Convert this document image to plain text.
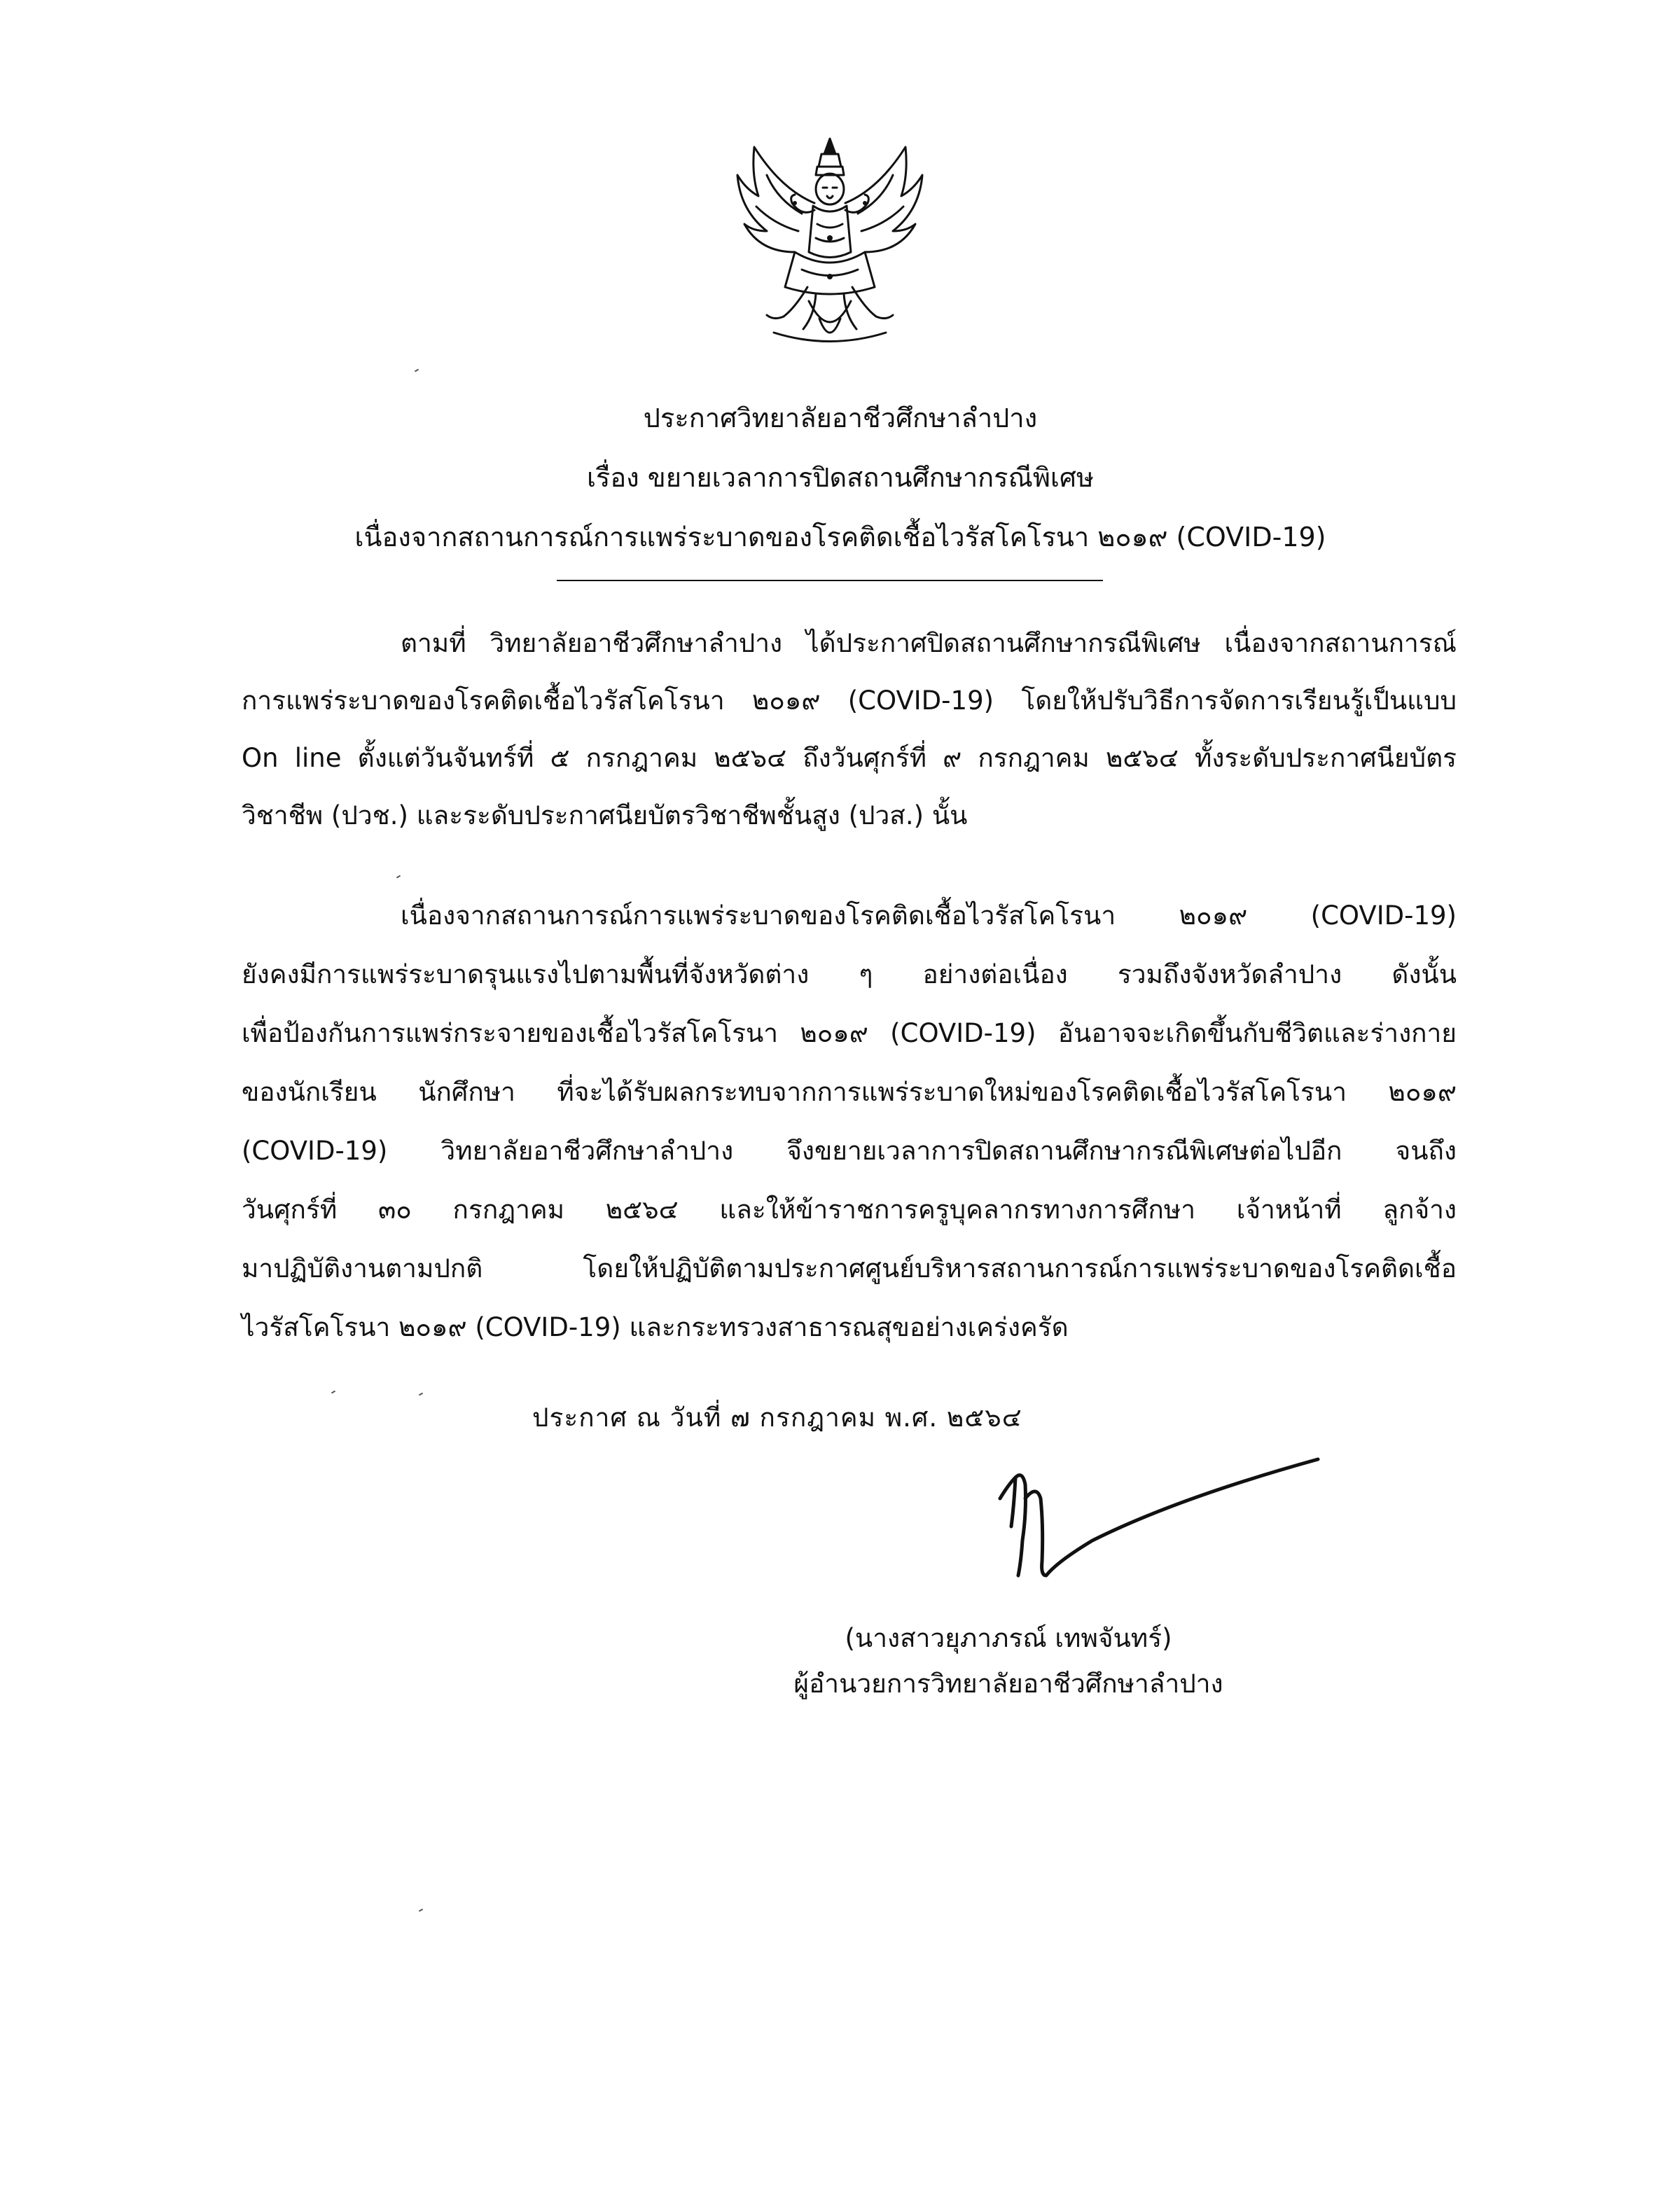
ประกาศวิทยาลัยอาชีวศึกษาลำปาง
เรื่อง ขยายเวลาการปิดสถานศึกษากรณีพิเศษ
เนื่องจากสถานการณ์การแพร่ระบาดของโรคติดเชื้อไวรัสโคโรนา ๒๐๑๙ (COVID-19)
ตามที่ วิทยาลัยอาชีวศึกษาลำปาง ได้ประกาศปิดสถานศึกษากรณีพิเศษ เนื่องจากสถานการณ์
การแพร่ระบาดของโรคติดเชื้อไวรัสโคโรนา ๒๐๑๙ (COVID-19) โดยให้ปรับวิธีการจัดการเรียนรู้เป็นแบบ
On line ตั้งแต่วันจันทร์ที่ ๕ กรกฎาคม ๒๕๖๔ ถึงวันศุกร์ที่ ๙ กรกฎาคม ๒๕๖๔ ทั้งระดับประกาศนียบัตร
วิชาชีพ (ปวช.) และระดับประกาศนียบัตรวิชาชีพชั้นสูง (ปวส.) นั้น
เนื่องจากสถานการณ์การแพร่ระบาดของโรคติดเชื้อไวรัสโคโรนา ๒๐๑๙ (COVID-19)
ยังคงมีการแพร่ระบาดรุนแรงไปตามพื้นที่จังหวัดต่าง ๆ อย่างต่อเนื่อง รวมถึงจังหวัดลำปาง ดังนั้น
เพื่อป้องกันการแพร่กระจายของเชื้อไวรัสโคโรนา ๒๐๑๙ (COVID-19) อันอาจจะเกิดขึ้นกับชีวิตและร่างกาย
ของนักเรียน นักศึกษา ที่จะได้รับผลกระทบจากการแพร่ระบาดใหม่ของโรคติดเชื้อไวรัสโคโรนา ๒๐๑๙
(COVID-19) วิทยาลัยอาชีวศึกษาลำปาง จึงขยายเวลาการปิดสถานศึกษากรณีพิเศษต่อไปอีก จนถึง
วันศุกร์ที่ ๓๐ กรกฎาคม ๒๕๖๔ และให้ข้าราชการครูบุคลากรทางการศึกษา เจ้าหน้าที่ ลูกจ้าง
มาปฏิบัติงานตามปกติ โดยให้ปฏิบัติตามประกาศศูนย์บริหารสถานการณ์การแพร่ระบาดของโรคติดเชื้อ
ไวรัสโคโรนา ๒๐๑๙ (COVID-19) และกระทรวงสาธารณสุขอย่างเคร่งครัด
ประกาศ ณ วันที่ ๗ กรกฎาคม พ.ศ. ๒๕๖๔
(นางสาวยุภาภรณ์ เทพจันทร์)
ผู้อำนวยการวิทยาลัยอาชีวศึกษาลำปาง
